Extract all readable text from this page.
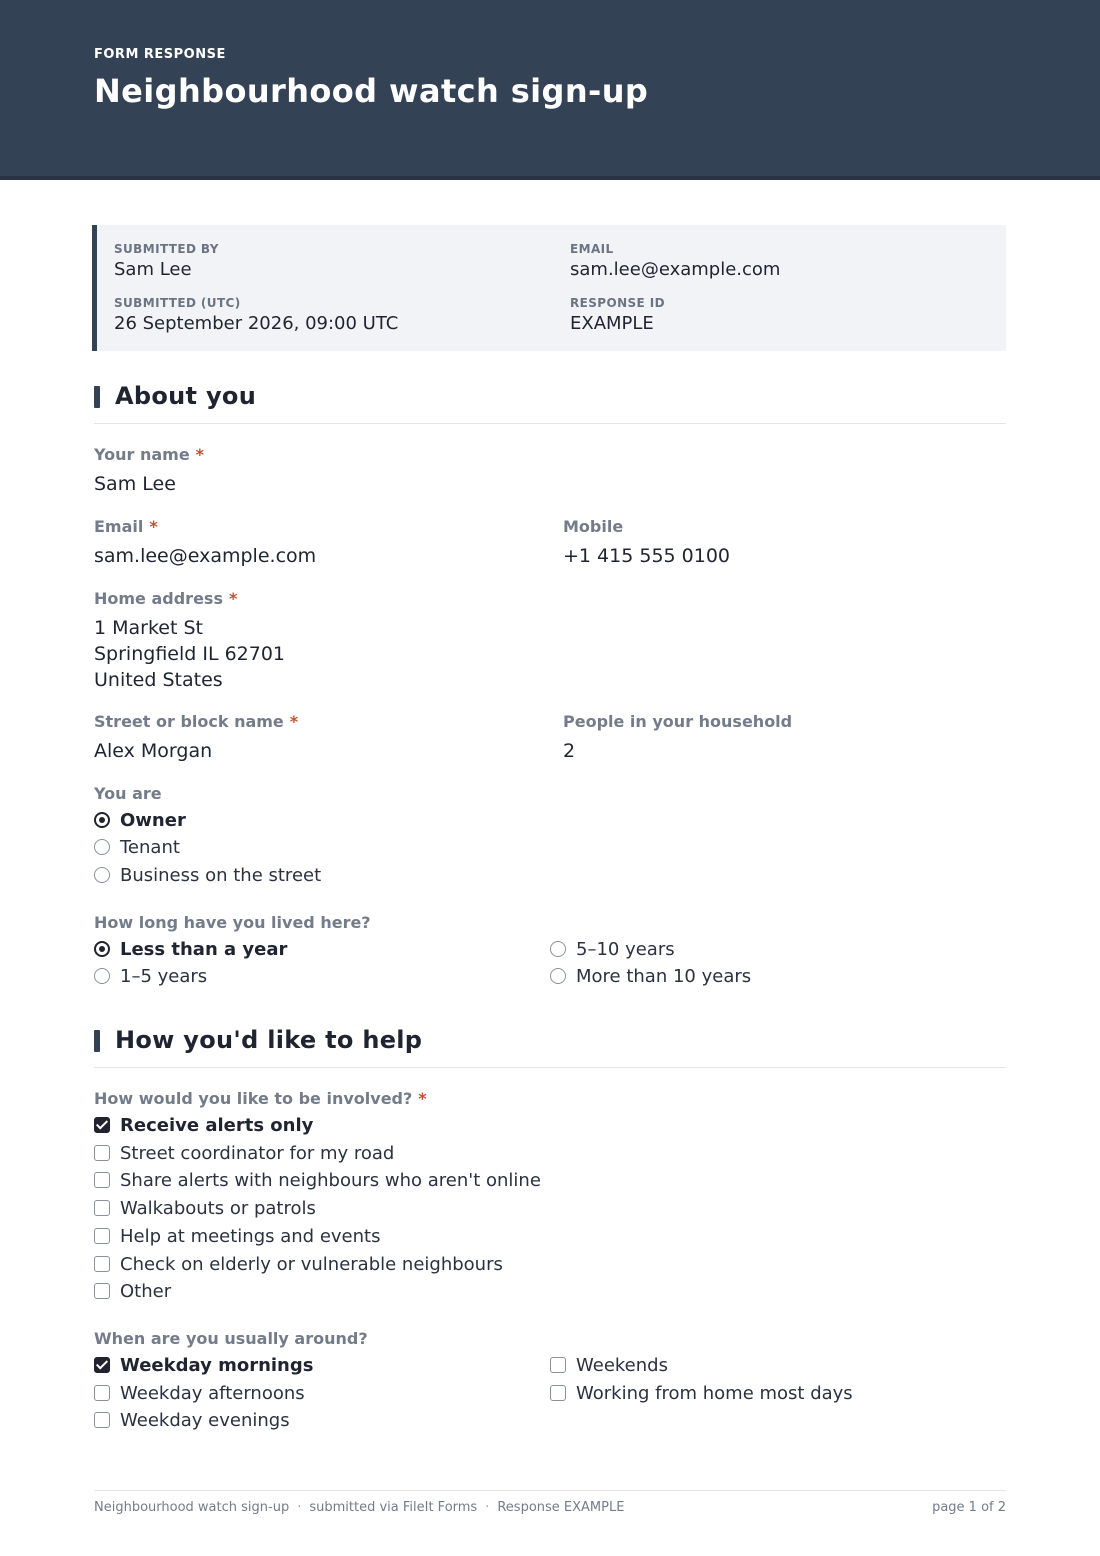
FORM RESPONSE
Neighbourhood watch sign-up
SUBMITTED BY
Sam Lee
EMAIL
sam.lee@example.com
SUBMITTED (UTC)
26 September 2026, 09:00 UTC
RESPONSE ID
EXAMPLE
About you
Your name *
Sam Lee
Email *
sam.lee@example.com
Mobile
+1 415 555 0100
Home address *
1 Market St
Springfield IL 62701
United States
Street or block name *
Alex Morgan
People in your household
2
You are
Owner
Tenant
Business on the street
How long have you lived here?
Less than a year
1–5 years
5–10 years
More than 10 years
How you'd like to help
How would you like to be involved? *
Receive alerts only
Street coordinator for my road
Share alerts with neighbours who aren't online
Walkabouts or patrols
Help at meetings and events
Check on elderly or vulnerable neighbours
Other
When are you usually around?
Weekday mornings
Weekday afternoons
Weekday evenings
Weekends
Working from home most days
Neighbourhood watch sign-up · submitted via FileIt Forms · Response EXAMPLE	page 1 of 2
